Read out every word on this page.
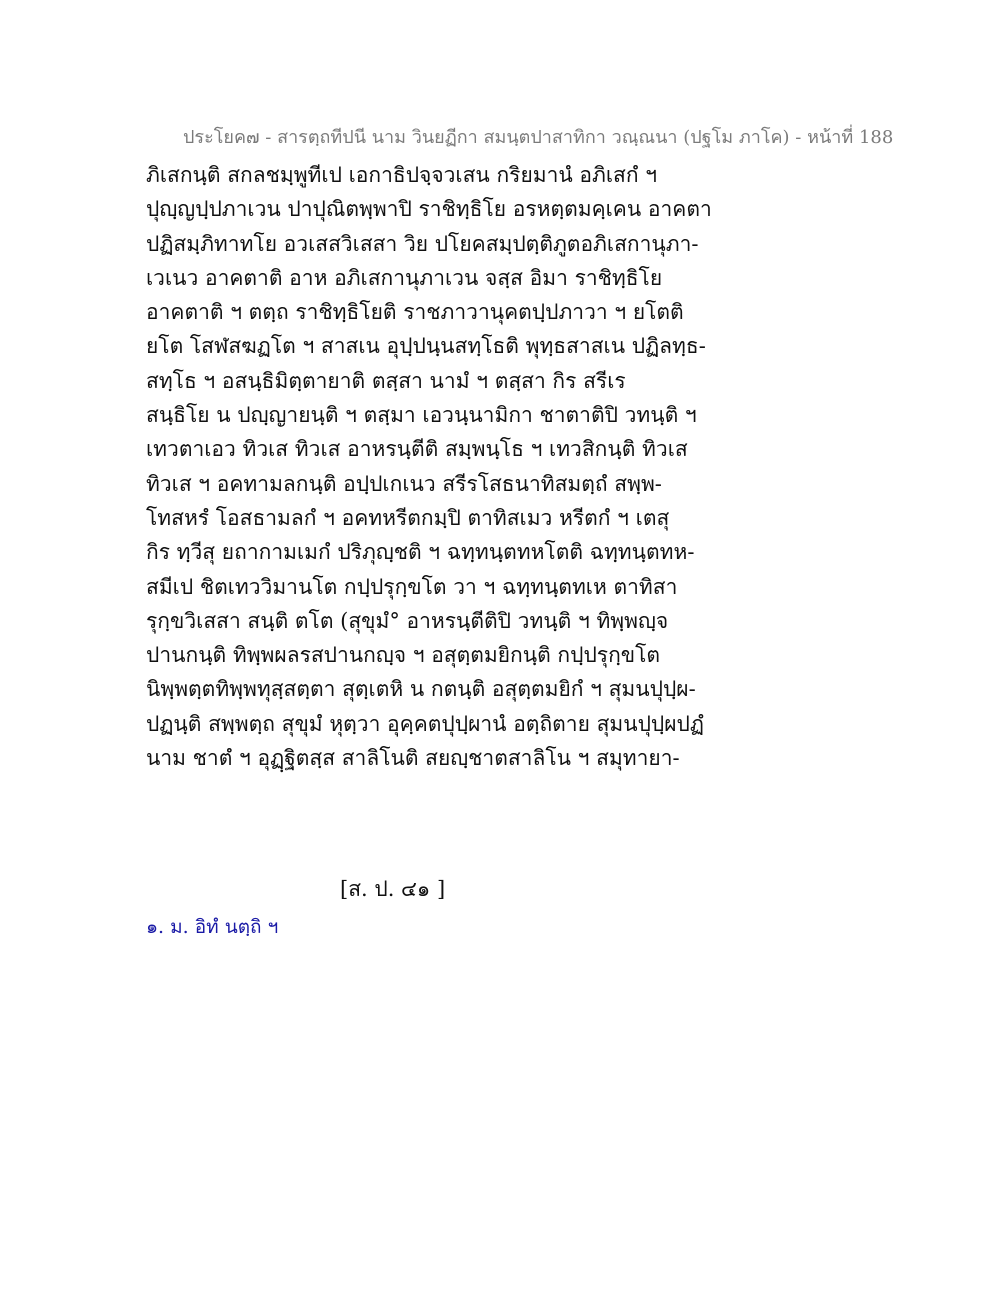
ประโยค๗ - สารตฺถทีปนี นาม วินยฏีกา สมนฺตปาสาทิกา วณฺณนา (ปฐโม ภาโค) - หน้าที่ 188
ภิเสกนฺติ สกลชมฺพูทีเป เอกาธิปจฺจวเสน กริยมานํ อภิเสกํ ฯ
ปุญฺญปฺปภาเวน ปาปุณิตพฺพาปิ ราชิทฺธิโย อรหตฺตมคฺเคน อาคตา
ปฏิสมฺภิทาทโย อวเสสวิเสสา วิย ปโยคสมฺปตฺติภูตอภิเสกานุภา-
เวเนว อาคตาติ อาห อภิเสกานุภาเวน จสฺส อิมา ราชิทฺธิโย
อาคตาติ ฯ ตตฺถ ราชิทฺธิโยติ ราชภาวานุคตปฺปภาวา ฯ ยโตติ
ยโต โสฬสฆฏโต ฯ สาสเน อุปฺปนฺนสทฺโธติ พุทฺธสาสเน ปฏิลทฺธ-
สทฺโธ ฯ อสนฺธิมิตฺตายาติ ตสฺสา นามํ ฯ ตสฺสา กิร สรีเร
สนฺธิโย น ปญฺญายนฺติ ฯ ตสฺมา เอวนฺนามิกา ชาตาติปิ วทนฺติ ฯ
เทวตาเอว ทิวเส ทิวเส อาหรนฺตีติ สมฺพนฺโธ ฯ เทวสิกนฺติ ทิวเส
ทิวเส ฯ อคทามลกนฺติ อปฺปเกเนว สรีรโสธนาทิสมตฺถํ สพฺพ-
โทสหรํ โอสธามลกํ ฯ อคทหรีตกมฺปิ ตาทิสเมว หรีตกํ ฯ เตสุ
กิร ทฺวีสุ ยถากามเมกํ ปริภุญฺชติ ฯ ฉทฺทนฺตทหโตติ ฉทฺทนฺตทห-
สมีเป ชิตเทววิมานโต กปฺปรุกฺขโต วา ฯ ฉทฺทนฺตทเห ตาทิสา
รุกฺขวิเสสา สนฺติ ตโต (สุขุมํ° อาหรนฺตีติปิ วทนฺติ ฯ ทิพฺพญฺจ
ปานกนฺติ ทิพฺพผลรสปานกญฺจ ฯ อสุตฺตมยิกนฺติ กปฺปรุกฺขโต
นิพฺพตฺตทิพฺพทุสฺสตฺตา สุตฺเตหิ น กตนฺติ อสุตฺตมยิกํ ฯ สุมนปุปฺผ-
ปฏนฺติ สพฺพตฺถ สุขุมํ หุตฺวา อุคฺคตปุปฺผานํ อตฺถิตาย สุมนปุปฺผปฏํ
นาม ชาตํ ฯ อุฏฺฐิตสฺส สาลิโนติ สยญฺชาตสาลิโน ฯ สมุทายา-
[ส. ป. ๔๑ ]
๑. ม. อิทํ นตฺถิ ฯ
